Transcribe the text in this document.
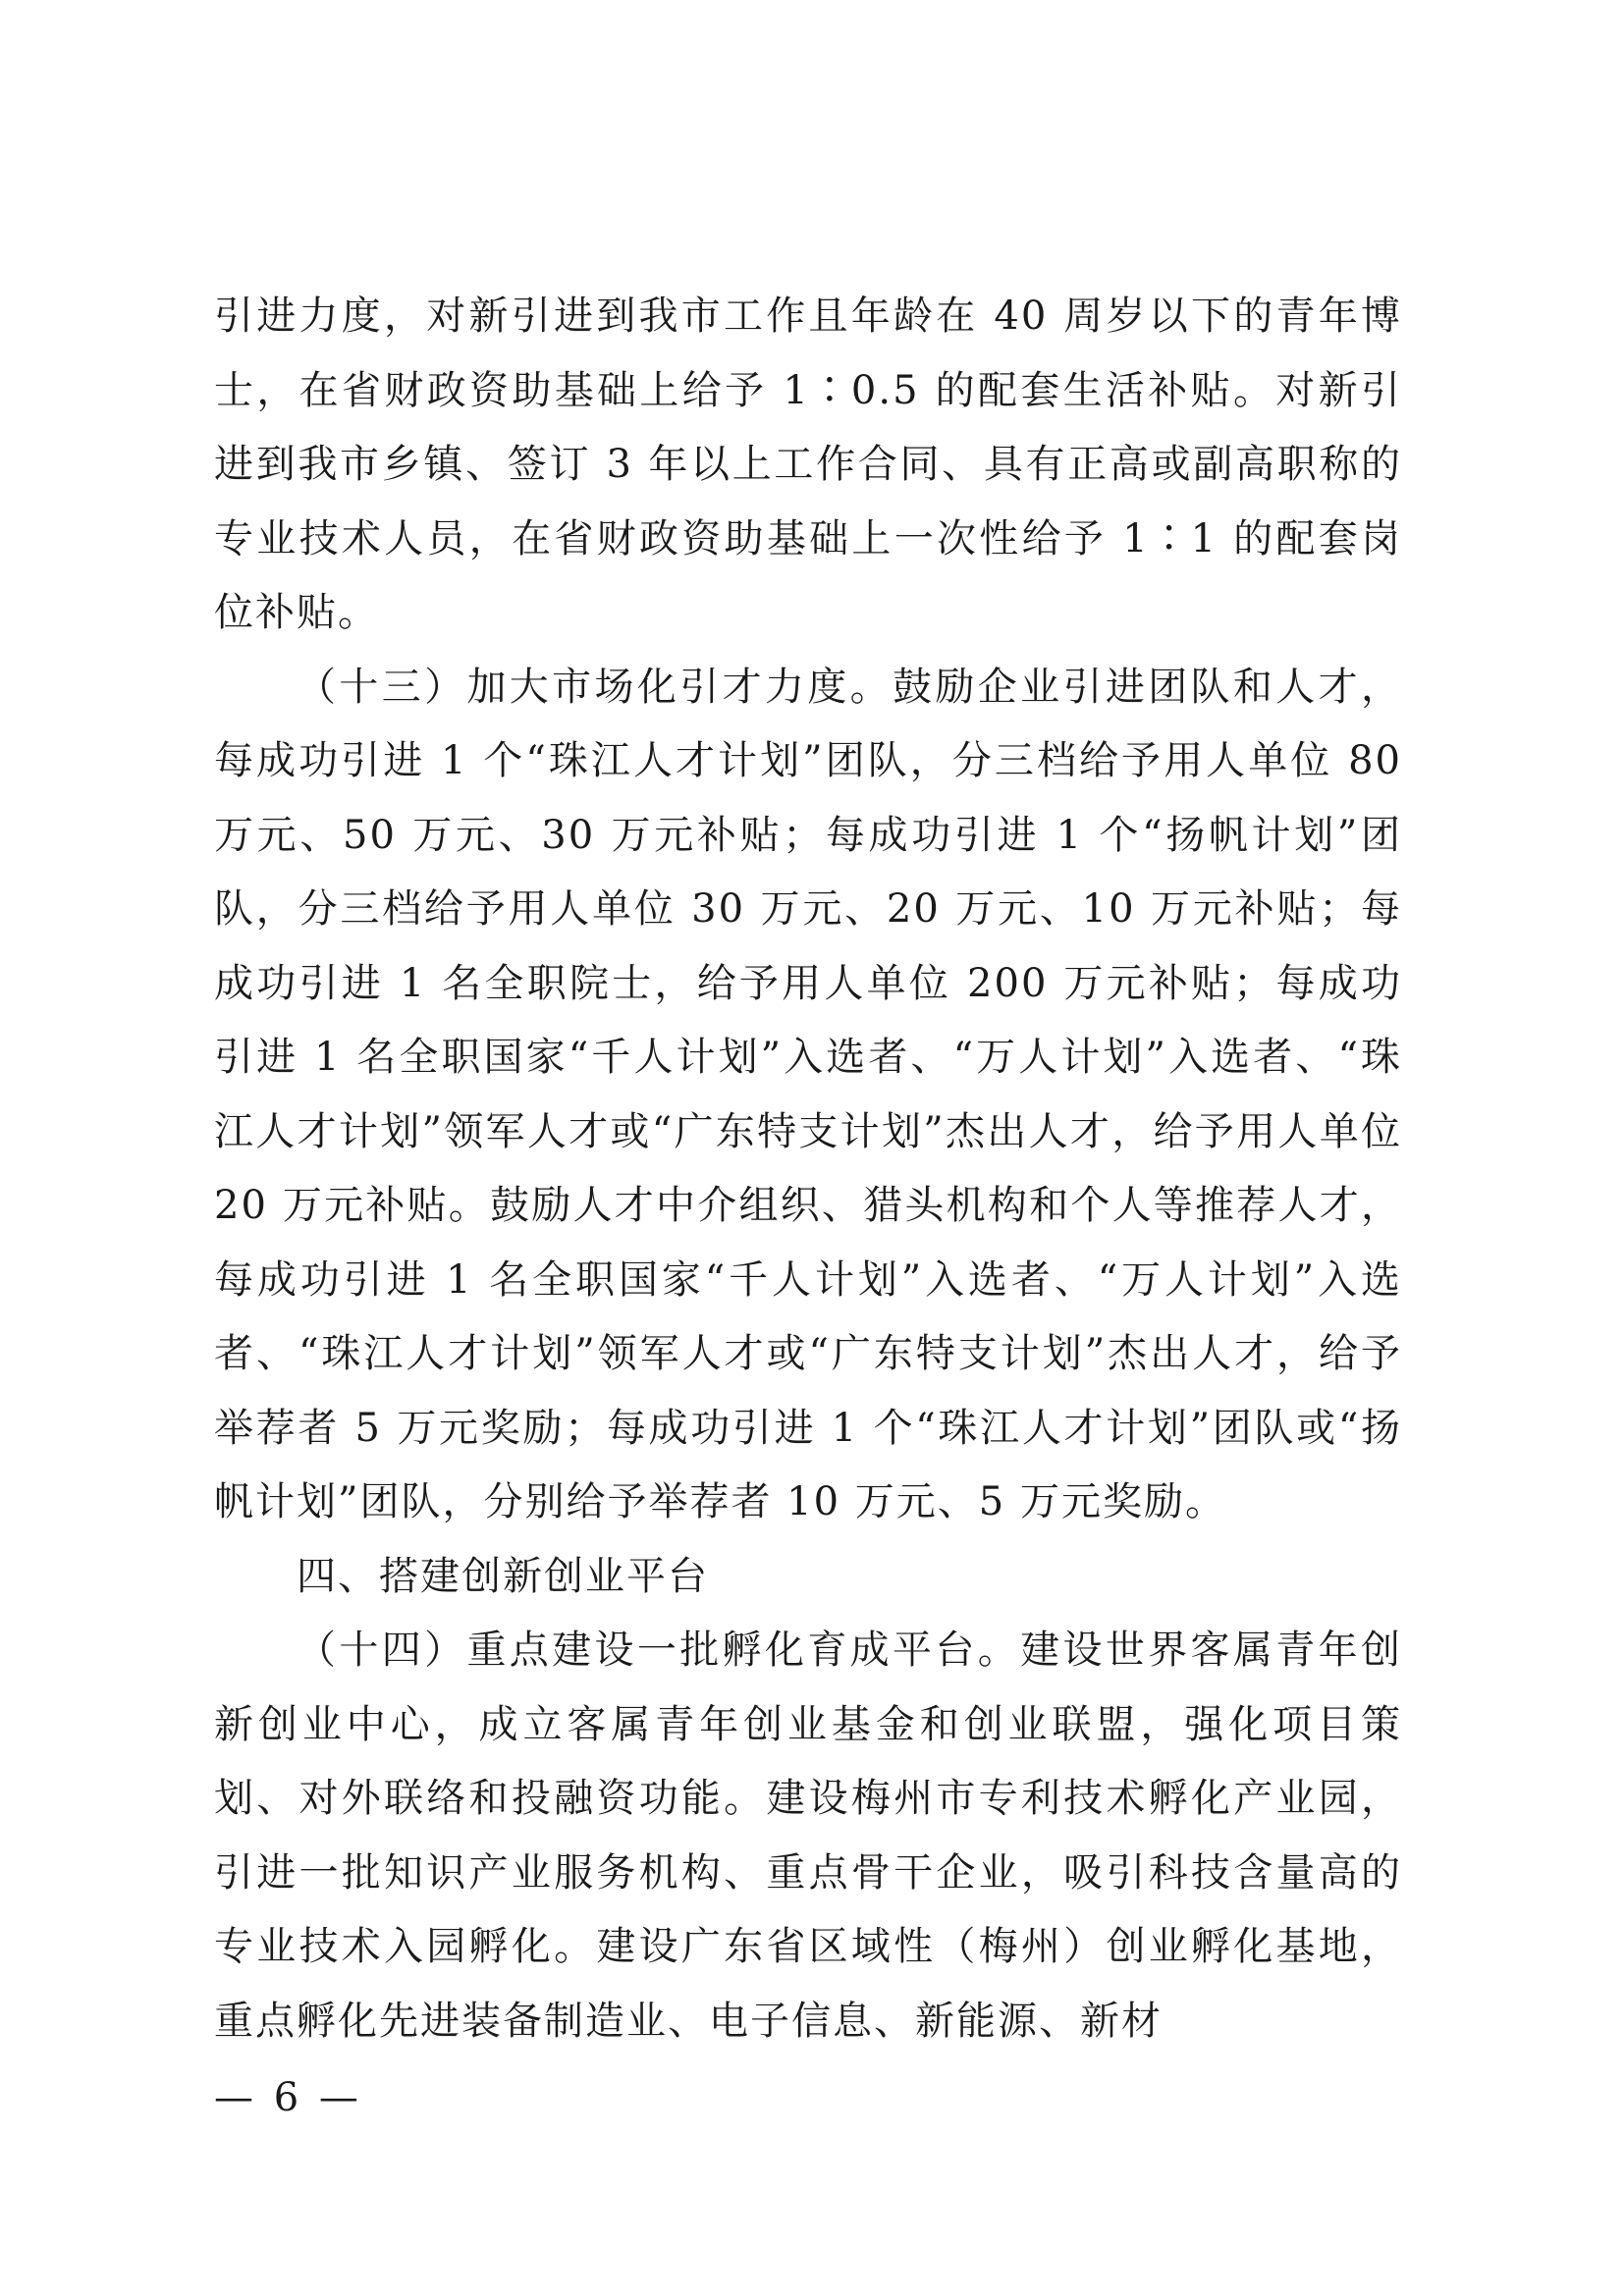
引进力度，对新引进到我市工作且年龄在 40 周岁以下的青年博士，在省财政资助基础上给予 1∶0.5 的配套生活补贴。对新引进到我市乡镇、签订 3 年以上工作合同、具有正高或副高职称的专业技术人员，在省财政资助基础上一次性给予 1∶1 的配套岗位补贴。

（十三）加大市场化引才力度。鼓励企业引进团队和人才，每成功引进 1 个“珠江人才计划”团队，分三档给予用人单位 80 万元、50 万元、30 万元补贴；每成功引进 1 个“扬帆计划”团队，分三档给予用人单位 30 万元、20 万元、10 万元补贴；每成功引进 1 名全职院士，给予用人单位 200 万元补贴；每成功引进 1 名全职国家“千人计划”入选者、“万人计划”入选者、“珠江人才计划”领军人才或“广东特支计划”杰出人才，给予用人单位 20 万元补贴。鼓励人才中介组织、猎头机构和个人等推荐人才，每成功引进 1 名全职国家“千人计划”入选者、“万人计划”入选者、“珠江人才计划”领军人才或“广东特支计划”杰出人才，给予举荐者 5 万元奖励；每成功引进 1 个“珠江人才计划”团队或“扬帆计划”团队，分别给予举荐者 10 万元、5 万元奖励。

四、搭建创新创业平台

（十四）重点建设一批孵化育成平台。建设世界客属青年创新创业中心，成立客属青年创业基金和创业联盟，强化项目策划、对外联络和投融资功能。建设梅州市专利技术孵化产业园，引进一批知识产业服务机构、重点骨干企业，吸引科技含量高的专业技术入园孵化。建设广东省区域性（梅州）创业孵化基地，重点孵化先进装备制造业、电子信息、新能源、新材

— 6 —
